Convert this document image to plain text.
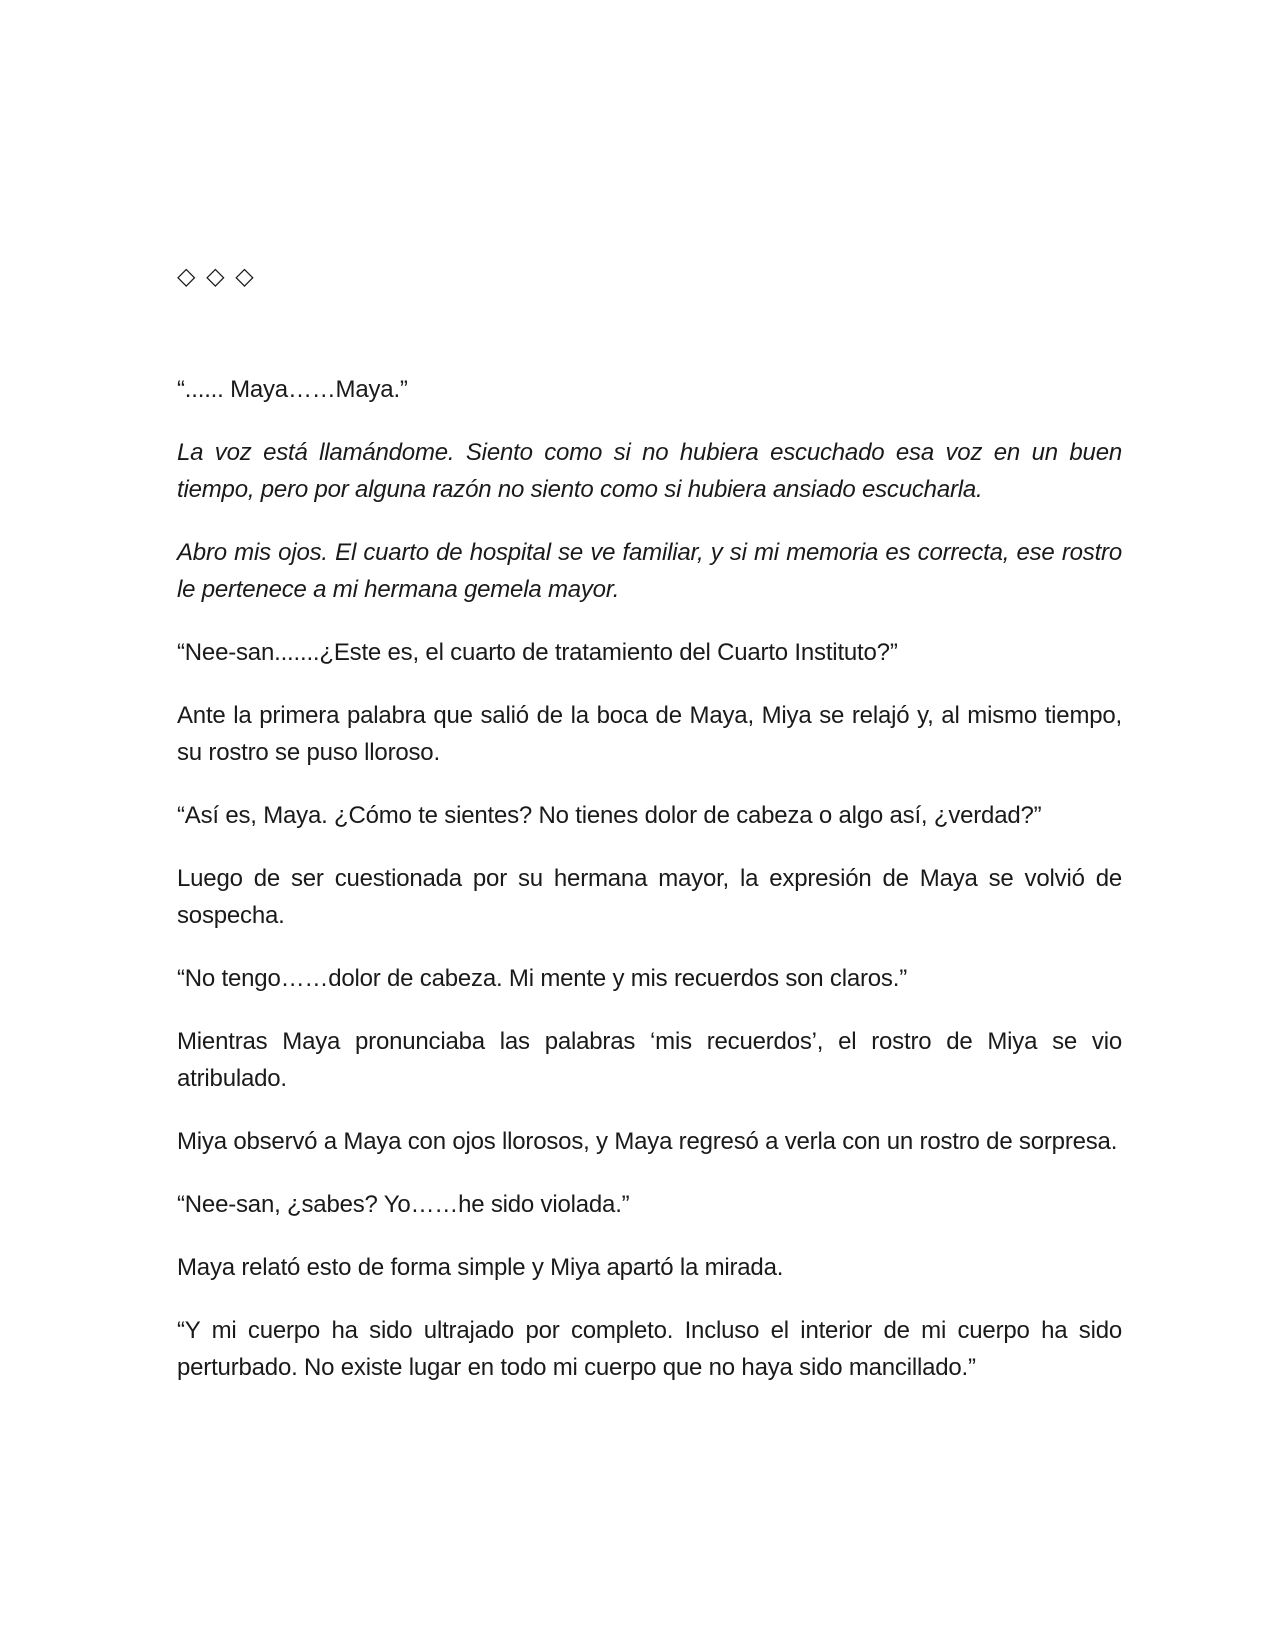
◇ ◇ ◇

“...... Maya……Maya.”

La voz está llamándome. Siento como si no hubiera escuchado esa voz en un buen tiempo, pero por alguna razón no siento como si hubiera ansiado escucharla.

Abro mis ojos. El cuarto de hospital se ve familiar, y si mi memoria es correcta, ese rostro le pertenece a mi hermana gemela mayor.

“Nee-san.......¿Este es, el cuarto de tratamiento del Cuarto Instituto?”

Ante la primera palabra que salió de la boca de Maya, Miya se relajó y, al mismo tiempo, su rostro se puso lloroso.

“Así es, Maya. ¿Cómo te sientes? No tienes dolor de cabeza o algo así, ¿verdad?”

Luego de ser cuestionada por su hermana mayor, la expresión de Maya se volvió de sospecha.

“No tengo……dolor de cabeza. Mi mente y mis recuerdos son claros.”

Mientras Maya pronunciaba las palabras ‘mis recuerdos’, el rostro de Miya se vio atribulado.

Miya observó a Maya con ojos llorosos, y Maya regresó a verla con un rostro de sorpresa.

“Nee-san, ¿sabes? Yo……he sido violada.”

Maya relató esto de forma simple y Miya apartó la mirada.

“Y mi cuerpo ha sido ultrajado por completo. Incluso el interior de mi cuerpo ha sido perturbado. No existe lugar en todo mi cuerpo que no haya sido mancillado.”
